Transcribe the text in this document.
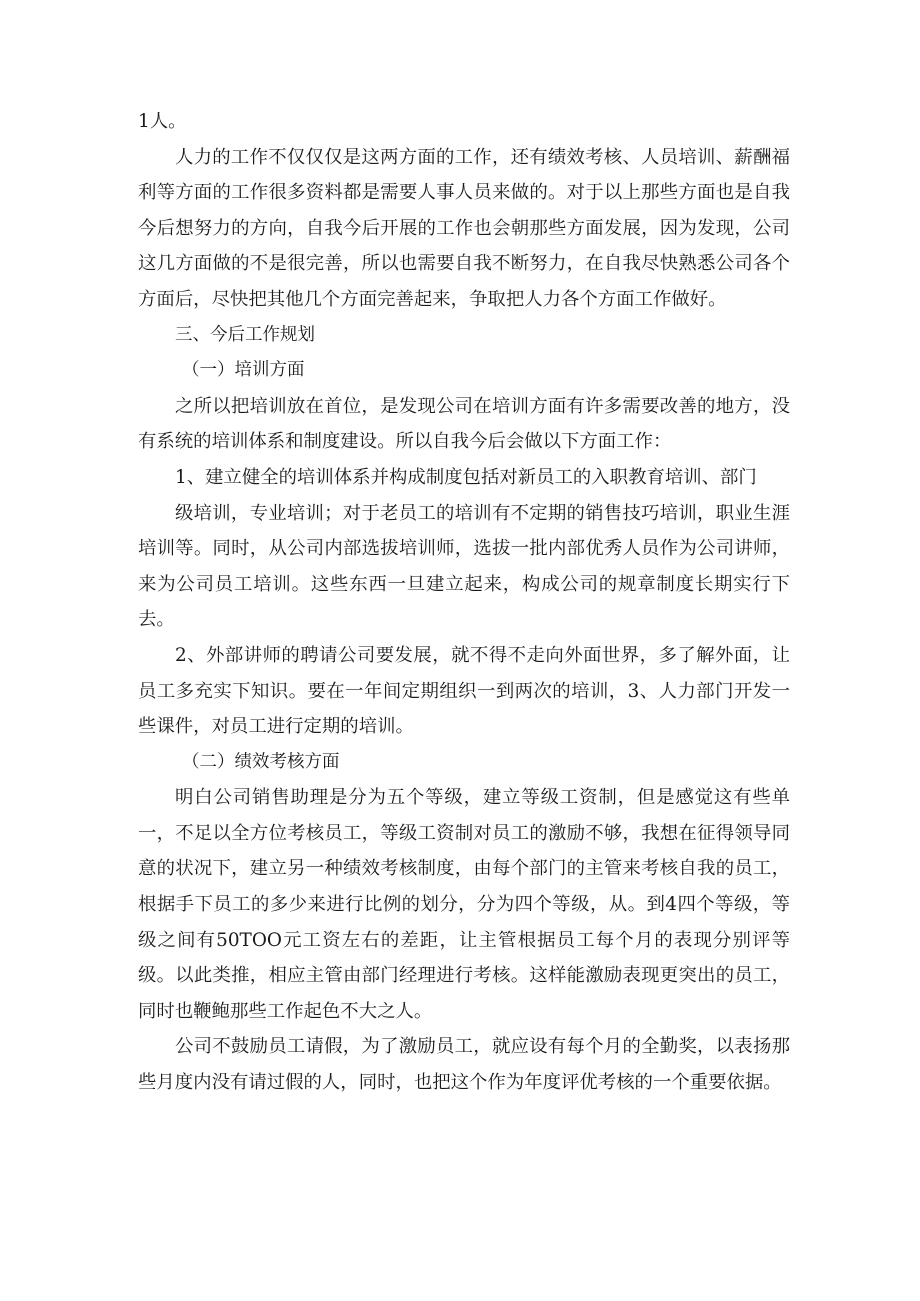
1人。

人力的工作不仅仅仅是这两方面的工作，还有绩效考核、人员培训、薪酬福利等方面的工作很多资料都是需要人事人员来做的。对于以上那些方面也是自我今后想努力的方向，自我今后开展的工作也会朝那些方面发展，因为发现，公司这几方面做的不是很完善，所以也需要自我不断努力，在自我尽快熟悉公司各个方面后，尽快把其他几个方面完善起来，争取把人力各个方面工作做好。

三、今后工作规划

（一）培训方面

之所以把培训放在首位，是发现公司在培训方面有许多需要改善的地方，没有系统的培训体系和制度建设。所以自我今后会做以下方面工作：

1、建立健全的培训体系并构成制度包括对新员工的入职教育培训、部门

级培训，专业培训；对于老员工的培训有不定期的销售技巧培训，职业生涯培训等。同时，从公司内部选拔培训师，选拔一批内部优秀人员作为公司讲师，来为公司员工培训。这些东西一旦建立起来，构成公司的规章制度长期实行下去。

2、外部讲师的聘请公司要发展，就不得不走向外面世界，多了解外面，让员工多充实下知识。要在一年间定期组织一到两次的培训，3、人力部门开发一些课件，对员工进行定期的培训。

（二）绩效考核方面

明白公司销售助理是分为五个等级，建立等级工资制，但是感觉这有些单一，不足以全方位考核员工，等级工资制对员工的激励不够，我想在征得领导同意的状况下，建立另一种绩效考核制度，由每个部门的主管来考核自我的员工，根据手下员工的多少来进行比例的划分，分为四个等级，从。到4四个等级，等级之间有50TOO元工资左右的差距，让主管根据员工每个月的表现分别评等级。以此类推，相应主管由部门经理进行考核。这样能激励表现更突出的员工，同时也鞭鲍那些工作起色不大之人。

公司不鼓励员工请假，为了激励员工，就应设有每个月的全勤奖，以表扬那些月度内没有请过假的人，同时，也把这个作为年度评优考核的一个重要依据。
